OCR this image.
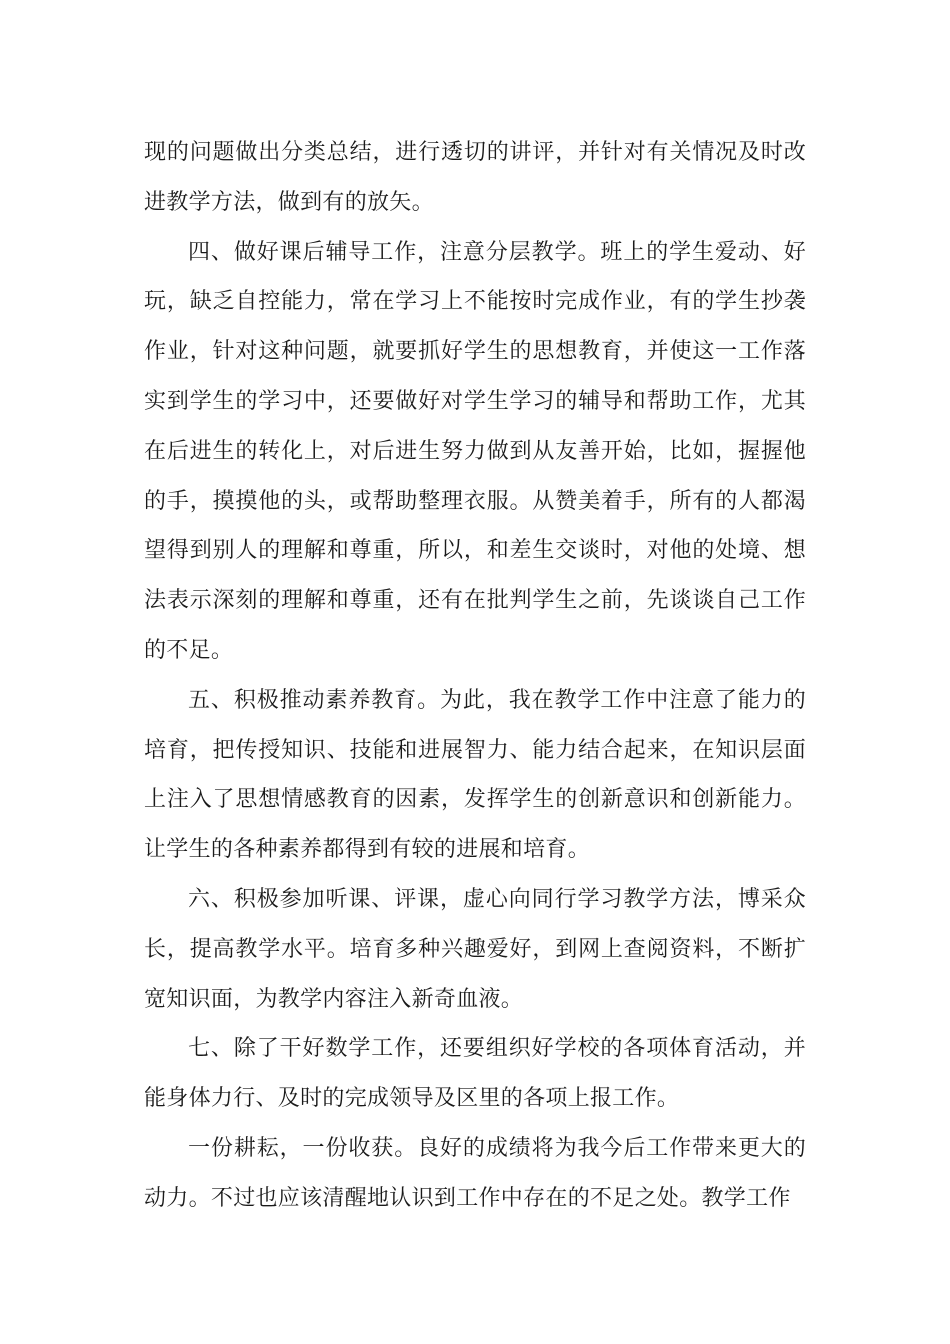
现的问题做出分类总结，进行透切的讲评，并针对有关情况及时改进教学方法，做到有的放矢。

四、做好课后辅导工作，注意分层教学。班上的学生爱动、好玩，缺乏自控能力，常在学习上不能按时完成作业，有的学生抄袭作业，针对这种问题，就要抓好学生的思想教育，并使这一工作落实到学生的学习中，还要做好对学生学习的辅导和帮助工作，尤其在后进生的转化上，对后进生努力做到从友善开始，比如，握握他的手，摸摸他的头，或帮助整理衣服。从赞美着手，所有的人都渴望得到别人的理解和尊重，所以，和差生交谈时，对他的处境、想法表示深刻的理解和尊重，还有在批判学生之前，先谈谈自己工作的不足。

五、积极推动素养教育。为此，我在教学工作中注意了能力的培育，把传授知识、技能和进展智力、能力结合起来，在知识层面上注入了思想情感教育的因素，发挥学生的创新意识和创新能力。让学生的各种素养都得到有较的进展和培育。

六、积极参加听课、评课，虚心向同行学习教学方法，博采众长，提高教学水平。培育多种兴趣爱好，到网上查阅资料，不断扩宽知识面，为教学内容注入新奇血液。

七、除了干好数学工作，还要组织好学校的各项体育活动，并能身体力行、及时的完成领导及区里的各项上报工作。

一份耕耘，一份收获。良好的成绩将为我今后工作带来更大的动力。不过也应该清醒地认识到工作中存在的不足之处。教学工作
